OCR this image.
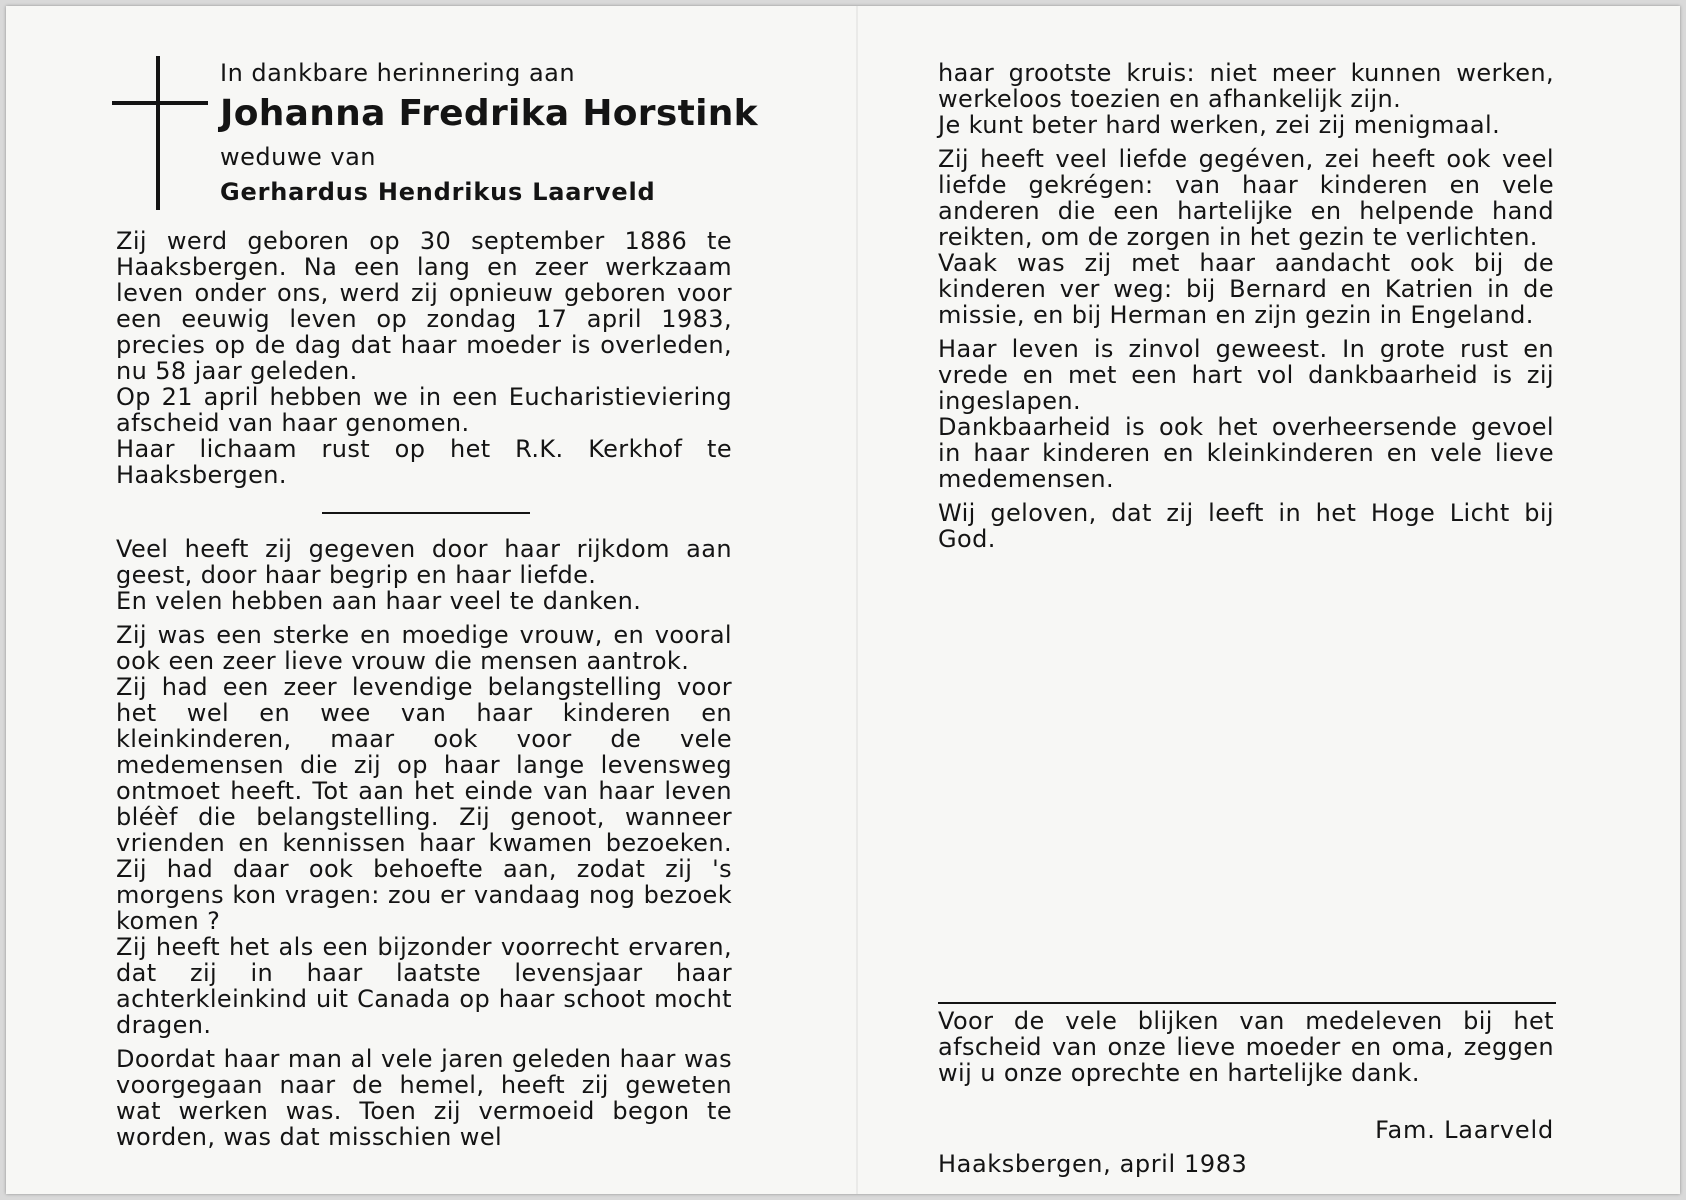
In dankbare herinnering aan
Johanna Fredrika Horstink
weduwe van
Gerhardus Hendrikus Laarveld

Zij werd geboren op 30 september 1886 te Haaksbergen. Na een lang en zeer werkzaam leven onder ons, werd zij opnieuw geboren voor een eeuwig leven op zondag 17 april 1983, precies op de dag dat haar moeder is overleden, nu 58 jaar geleden.

Op 21 april hebben we in een Eucharistieviering afscheid van haar genomen.

Haar lichaam rust op het R.K. Kerkhof te Haaksbergen.

Veel heeft zij gegeven door haar rijkdom aan geest, door haar begrip en haar liefde.

En velen hebben aan haar veel te danken.

Zij was een sterke en moedige vrouw, en vooral ook een zeer lieve vrouw die mensen aantrok.

Zij had een zeer levendige belangstelling voor het wel en wee van haar kinderen en kleinkinderen, maar ook voor de vele medemensen die zij op haar lange levensweg ontmoet heeft. Tot aan het einde van haar leven bléèf die belangstelling. Zij genoot, wanneer vrienden en kennissen haar kwamen bezoeken. Zij had daar ook behoefte aan, zodat zij 's morgens kon vragen: zou er vandaag nog bezoek komen ?

Zij heeft het als een bijzonder voorrecht ervaren, dat zij in haar laatste levensjaar haar achterkleinkind uit Canada op haar schoot mocht dragen.

Doordat haar man al vele jaren geleden haar was voorgegaan naar de hemel, heeft zij geweten wat werken was. Toen zij vermoeid begon te worden, was dat misschien wel

haar grootste kruis: niet meer kunnen werken, werkeloos toezien en afhankelijk zijn.

Je kunt beter hard werken, zei zij menigmaal.

Zij heeft veel liefde gegéven, zei heeft ook veel liefde gekrégen: van haar kinderen en vele anderen die een hartelijke en helpende hand reikten, om de zorgen in het gezin te verlichten.

Vaak was zij met haar aandacht ook bij de kinderen ver weg: bij Bernard en Katrien in de missie, en bij Herman en zijn gezin in Engeland.

Haar leven is zinvol geweest. In grote rust en vrede en met een hart vol dankbaarheid is zij ingeslapen.

Dankbaarheid is ook het overheersende gevoel in haar kinderen en kleinkinderen en vele lieve medemensen.

Wij geloven, dat zij leeft in het Hoge Licht bij God.

Voor de vele blijken van medeleven bij het afscheid van onze lieve moeder en oma, zeggen wij u onze oprechte en hartelijke dank.

Fam. Laarveld
Haaksbergen, april 1983
